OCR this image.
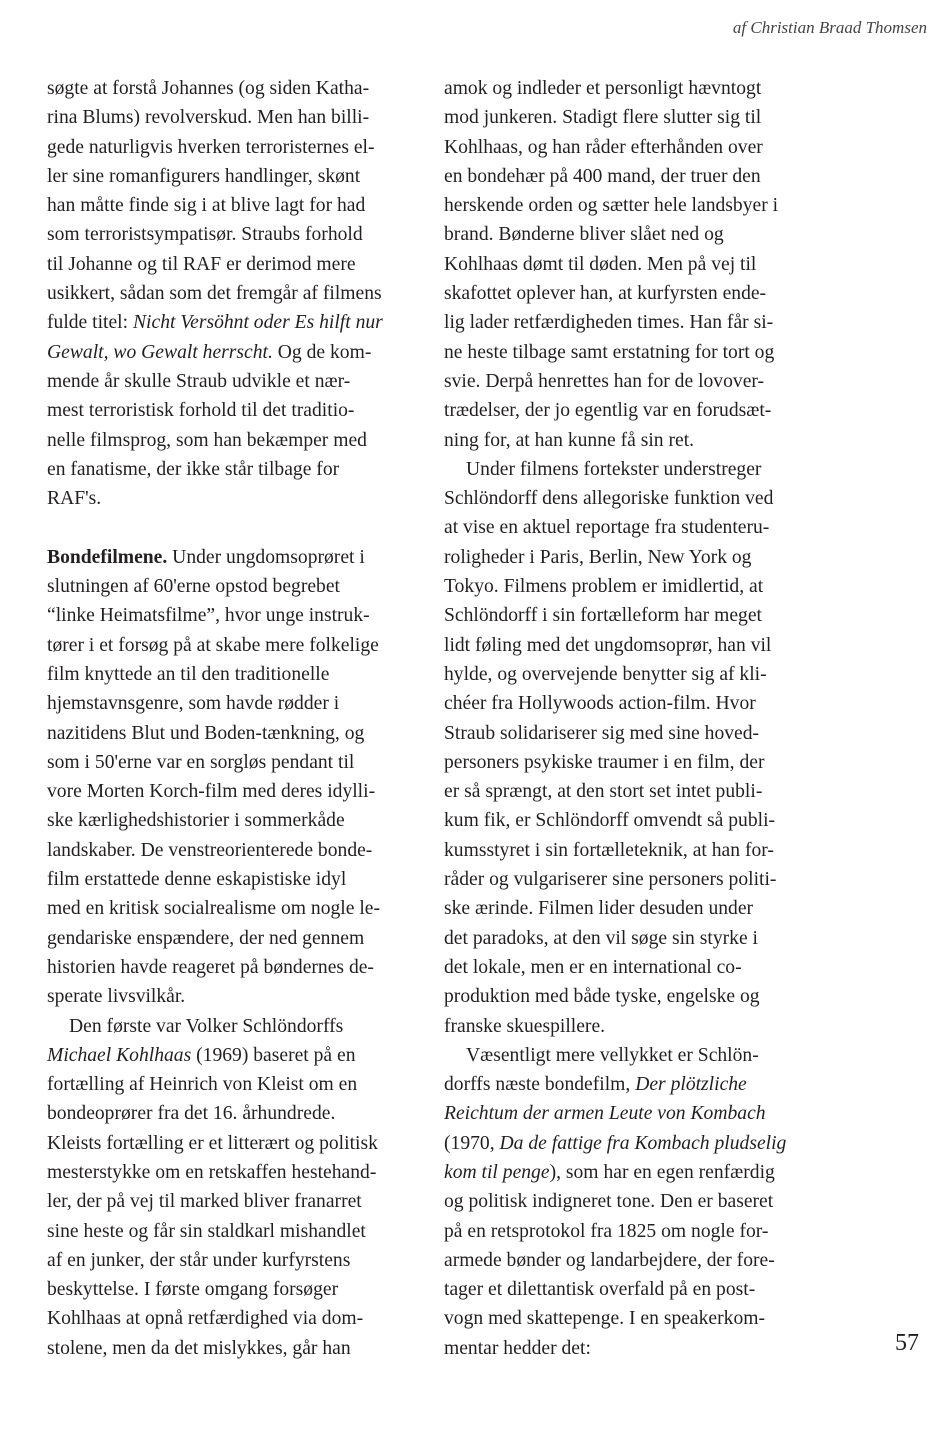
af Christian Braad Thomsen
søgte at forstå Johannes (og siden Katha-
rina Blums) revolverskud. Men han billi-
gede naturligvis hverken terroristernes el-
ler sine romanfigurers handlinger, skønt
han måtte finde sig i at blive lagt for had
som terroristsympatisør. Straubs forhold
til Johanne og til RAF er derimod mere
usikkert, sådan som det fremgår af filmens
fulde titel: Nicht Versöhnt oder Es hilft nur
Gewalt, wo Gewalt herrscht. Og de kom-
mende år skulle Straub udvikle et nær-
mest terroristisk forhold til det traditio-
nelle filmsprog, som han bekæmper med
en fanatisme, der ikke står tilbage for
RAF's.
Bondefilmene. Under ungdomsoprøret i
slutningen af 60'erne opstod begrebet
“linke Heimatsfilme”, hvor unge instruk-
tører i et forsøg på at skabe mere folkelige
film knyttede an til den traditionelle
hjemstavnsgenre, som havde rødder i
nazitidens Blut und Boden-tænkning, og
som i 50'erne var en sorgløs pendant til
vore Morten Korch-film med deres idylli-
ske kærlighedshistorier i sommerkåde
landskaber. De venstreorienterede bonde-
film erstattede denne eskapistiske idyl
med en kritisk socialrealisme om nogle le-
gendariske enspændere, der ned gennem
historien havde reageret på bøndernes de-
sperate livsvilkår.
Den første var Volker Schlöndorffs
Michael Kohlhaas (1969) baseret på en
fortælling af Heinrich von Kleist om en
bondeoprører fra det 16. århundrede.
Kleists fortælling er et litterært og politisk
mesterstykke om en retskaffen hestehand-
ler, der på vej til marked bliver franarret
sine heste og får sin staldkarl mishandlet
af en junker, der står under kurfyrstens
beskyttelse. I første omgang forsøger
Kohlhaas at opnå retfærdighed via dom-
stolene, men da det mislykkes, går han
amok og indleder et personligt hævntogt
mod junkeren. Stadigt flere slutter sig til
Kohlhaas, og han råder efterhånden over
en bondehær på 400 mand, der truer den
herskende orden og sætter hele landsbyer i
brand. Bønderne bliver slået ned og
Kohlhaas dømt til døden. Men på vej til
skafottet oplever han, at kurfyrsten ende-
lig lader retfærdigheden times. Han får si-
ne heste tilbage samt erstatning for tort og
svie. Derpå henrettes han for de lovover-
trædelser, der jo egentlig var en forudsæt-
ning for, at han kunne få sin ret.
Under filmens fortekster understreger
Schlöndorff dens allegoriske funktion ved
at vise en aktuel reportage fra studenteru-
roligheder i Paris, Berlin, New York og
Tokyo. Filmens problem er imidlertid, at
Schlöndorff i sin fortælleform har meget
lidt føling med det ungdomsoprør, han vil
hylde, og overvejende benytter sig af kli-
chéer fra Hollywoods action-film. Hvor
Straub solidariserer sig med sine hoved-
personers psykiske traumer i en film, der
er så sprængt, at den stort set intet publi-
kum fik, er Schlöndorff omvendt så publi-
kumsstyret i sin fortælleteknik, at han for-
råder og vulgariserer sine personers politi-
ske ærinde. Filmen lider desuden under
det paradoks, at den vil søge sin styrke i
det lokale, men er en international co-
produktion med både tyske, engelske og
franske skuespillere.
Væsentligt mere vellykket er Schlön-
dorffs næste bondefilm, Der plötzliche
Reichtum der armen Leute von Kombach
(1970, Da de fattige fra Kombach pludselig
kom til penge), som har en egen renfærdig
og politisk indigneret tone. Den er baseret
på en retsprotokol fra 1825 om nogle for-
armede bønder og landarbejdere, der fore-
tager et dilettantisk overfald på en post-
vogn med skattepenge. I en speakerkom-
mentar hedder det:	57
